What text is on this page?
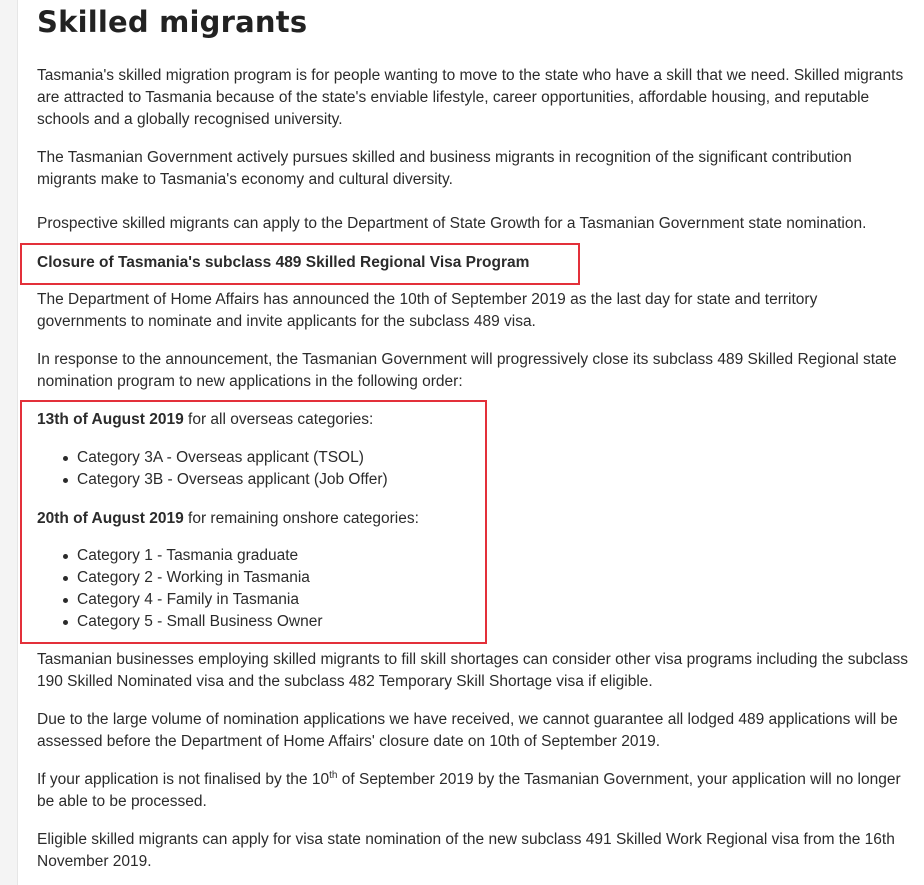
Skilled migrants

Tasmania's skilled migration program is for people wanting to move to the state who have a skill that we need. Skilled migrants are attracted to Tasmania because of the state's enviable lifestyle, career opportunities, affordable housing, and reputable schools and a globally recognised university.

The Tasmanian Government actively pursues skilled and business migrants in recognition of the significant contribution migrants make to Tasmania's economy and cultural diversity.

Prospective skilled migrants can apply to the Department of State Growth for a Tasmanian Government state nomination.

Closure of Tasmania's subclass 489 Skilled Regional Visa Program

The Department of Home Affairs has announced the 10th of September 2019 as the last day for state and territory governments to nominate and invite applicants for the subclass 489 visa.

In response to the announcement, the Tasmanian Government will progressively close its subclass 489 Skilled Regional state nomination program to new applications in the following order:

13th of August 2019 for all overseas categories:

Category 3A - Overseas applicant (TSOL)
Category 3B - Overseas applicant (Job Offer)

20th of August 2019 for remaining onshore categories:

Category 1 - Tasmania graduate
Category 2 - Working in Tasmania
Category 4 - Family in Tasmania
Category 5 - Small Business Owner

Tasmanian businesses employing skilled migrants to fill skill shortages can consider other visa programs including the subclass 190 Skilled Nominated visa and the subclass 482 Temporary Skill Shortage visa if eligible.

Due to the large volume of nomination applications we have received, we cannot guarantee all lodged 489 applications will be assessed before the Department of Home Affairs' closure date on 10th of September 2019.

If your application is not finalised by the 10th of September 2019 by the Tasmanian Government, your application will no longer be able to be processed.

Eligible skilled migrants can apply for visa state nomination of the new subclass 491 Skilled Work Regional visa from the 16th November 2019.
